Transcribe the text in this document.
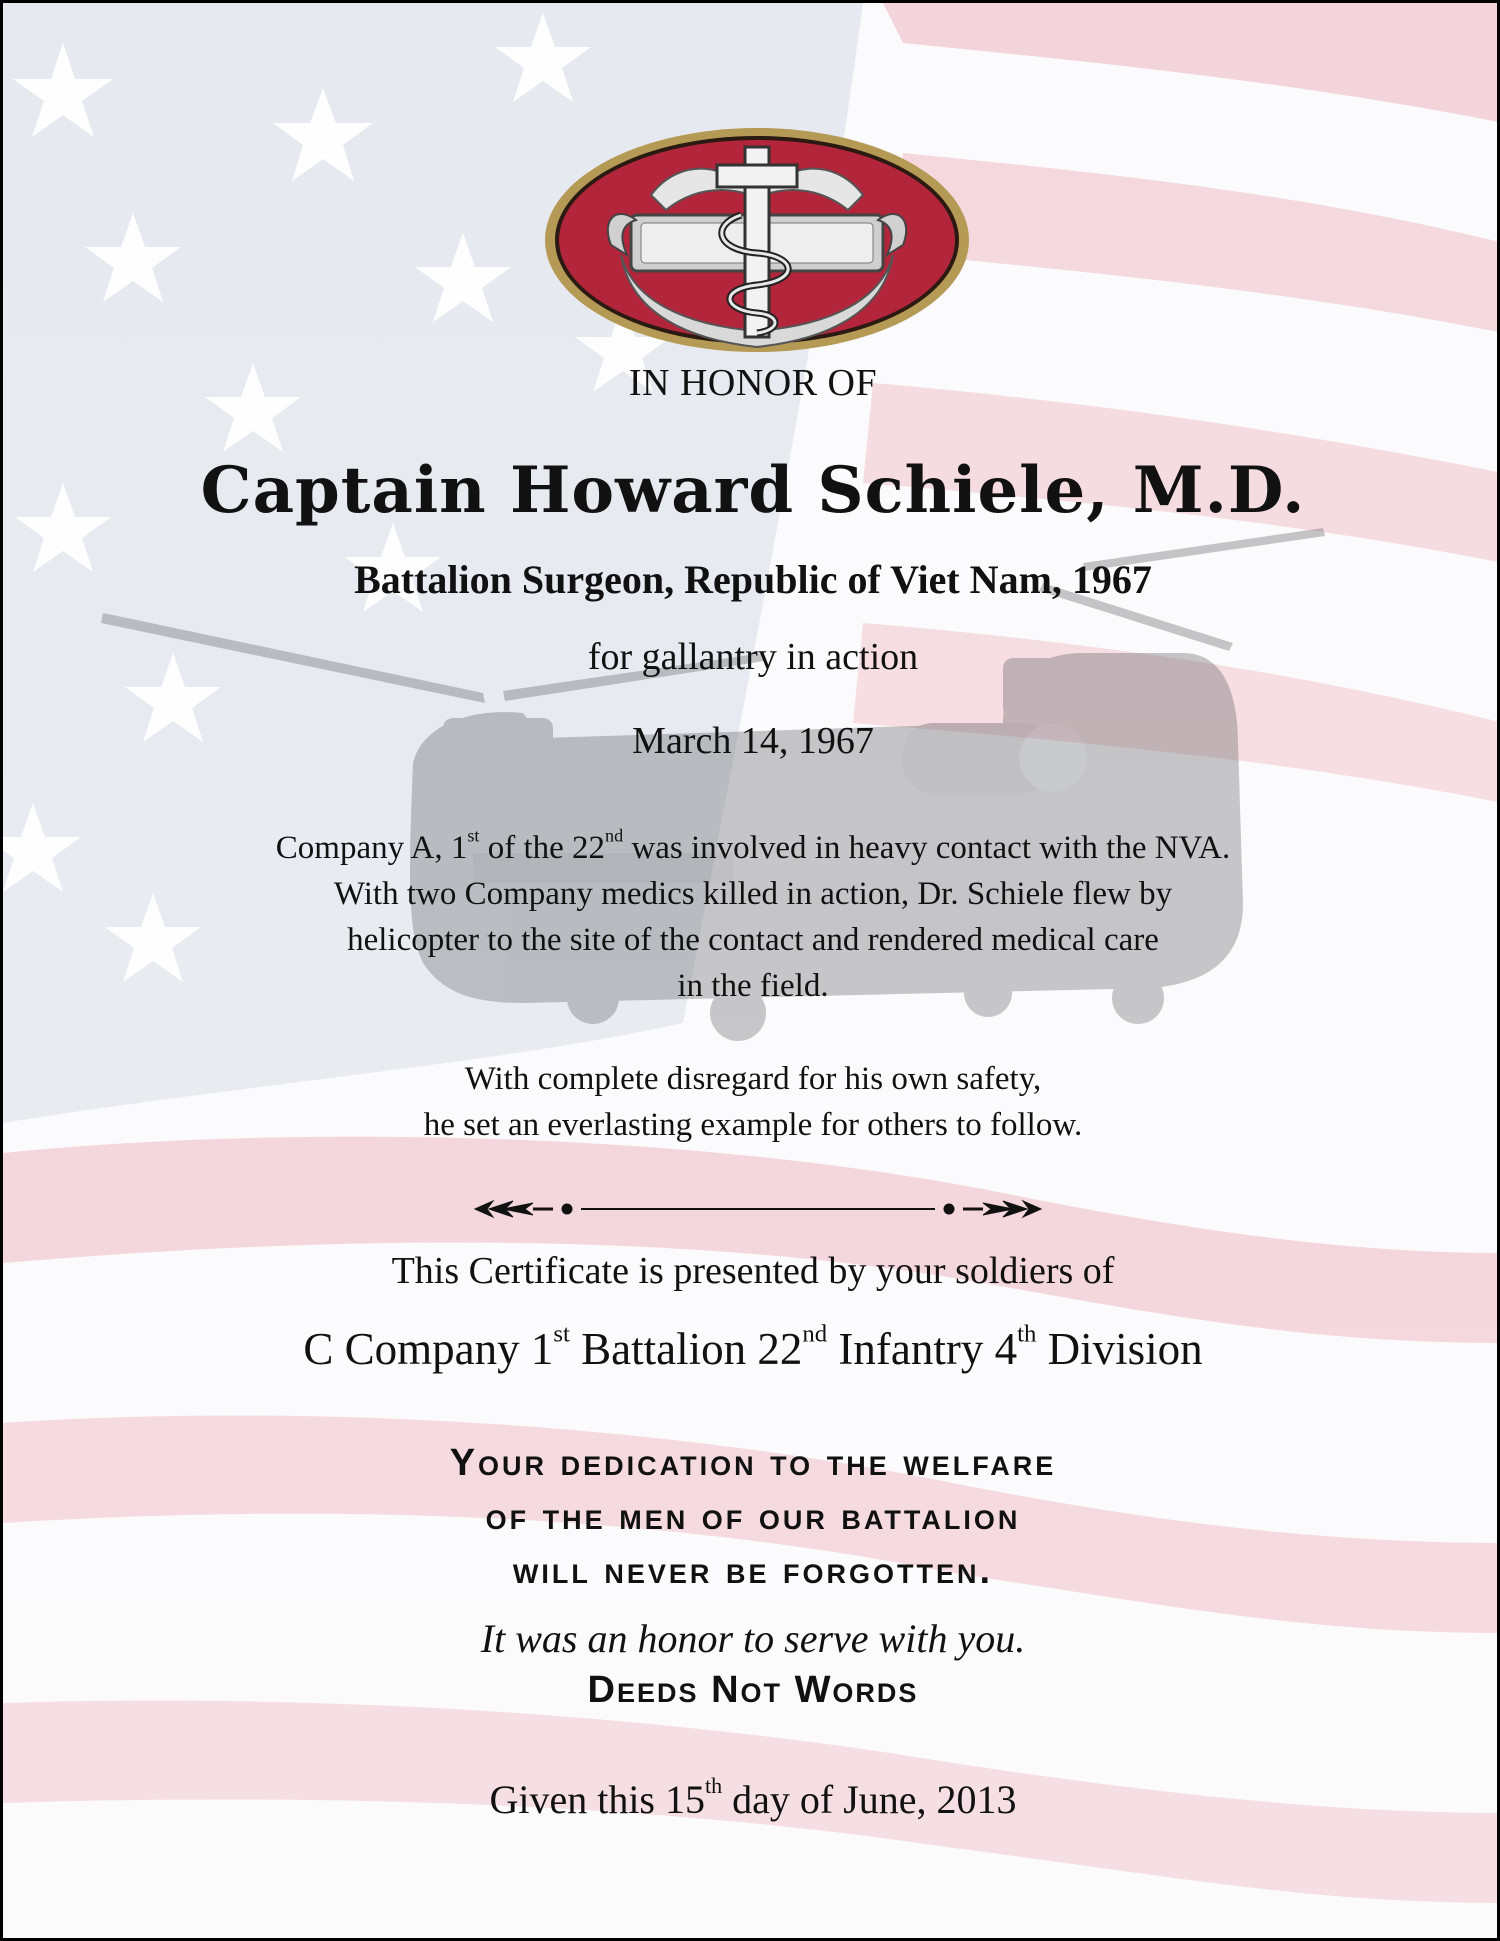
IN HONOR OF

Captain Howard Schiele, M.D.

Battalion Surgeon, Republic of Viet Nam, 1967

for gallantry in action

March 14, 1967

Company A, 1st of the 22nd was involved in heavy contact with the NVA.
With two Company medics killed in action, Dr. Schiele flew by
helicopter to the site of the contact and rendered medical care
in the field.
With complete disregard for his own safety,
he set an everlasting example for others to follow.

This Certificate is presented by your soldiers of

C Company 1st Battalion 22nd Infantry 4th Division

Your dedication to the welfare
of the men of our battalion
will never be forgotten.

It was an honor to serve with you.

Deeds Not Words

Given this 15th day of June, 2013
